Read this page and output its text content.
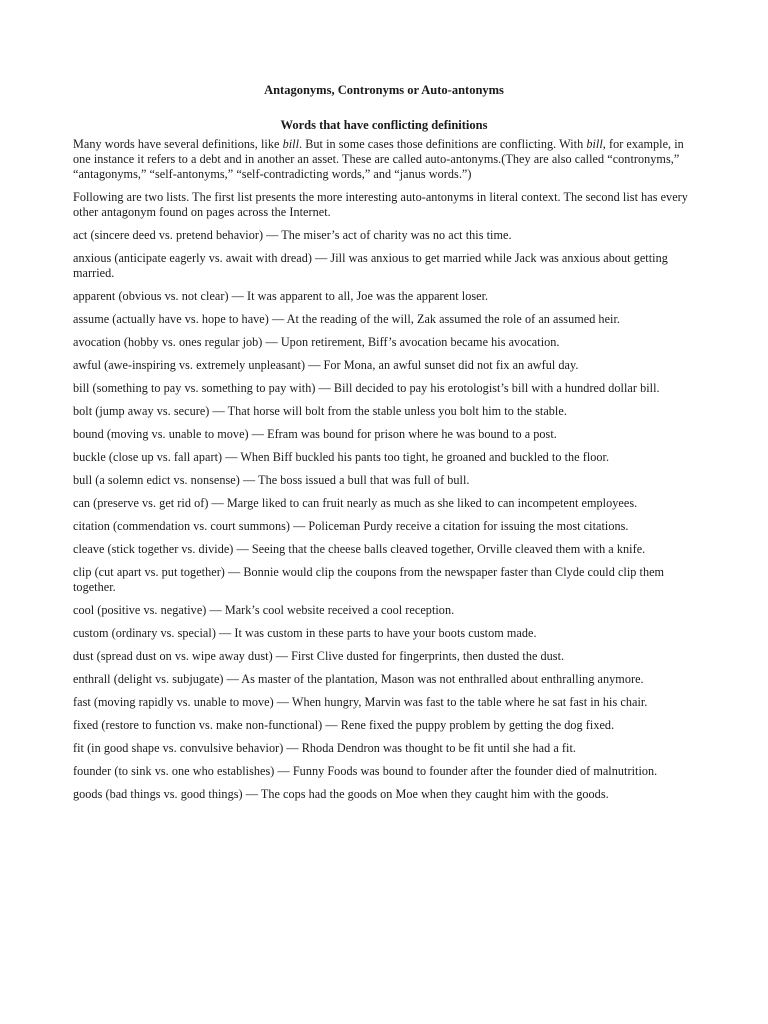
Antagonyms, Contronyms or Auto-antonyms
Words that have conflicting definitions

Many words have several definitions, like bill. But in some cases those definitions are conflicting. With bill, for example, in one instance it refers to a debt and in another an asset. These are called auto-antonyms.(They are also called “contronyms,” “antagonyms,” “self-antonyms,” “self-contradicting words,” and “janus words.”)

Following are two lists. The first list presents the more interesting auto-antonyms in literal context. The second list has every other antagonym found on pages across the Internet.

act (sincere deed vs. pretend behavior) — The miser’s act of charity was no act this time.

anxious (anticipate eagerly vs. await with dread) — Jill was anxious to get married while Jack was anxious about getting married.

apparent (obvious vs. not clear) — It was apparent to all, Joe was the apparent loser.

assume (actually have vs. hope to have) — At the reading of the will, Zak assumed the role of an assumed heir.

avocation (hobby vs. ones regular job) — Upon retirement, Biff’s avocation became his avocation.

awful (awe-inspiring vs. extremely unpleasant) — For Mona, an awful sunset did not fix an awful day.

bill (something to pay vs. something to pay with) — Bill decided to pay his erotologist’s bill with a hundred dollar bill.

bolt (jump away vs. secure) — That horse will bolt from the stable unless you bolt him to the stable.

bound (moving vs. unable to move) — Efram was bound for prison where he was bound to a post.

buckle (close up vs. fall apart) — When Biff buckled his pants too tight, he groaned and buckled to the floor.

bull (a solemn edict vs. nonsense) — The boss issued a bull that was full of bull.

can (preserve vs. get rid of) — Marge liked to can fruit nearly as much as she liked to can incompetent employees.

citation (commendation vs. court summons) — Policeman Purdy receive a citation for issuing the most citations.

cleave (stick together vs. divide) — Seeing that the cheese balls cleaved together, Orville cleaved them with a knife.

clip (cut apart vs. put together) — Bonnie would clip the coupons from the newspaper faster than Clyde could clip them together.

cool (positive vs. negative) — Mark’s cool website received a cool reception.

custom (ordinary vs. special) — It was custom in these parts to have your boots custom made.

dust (spread dust on vs. wipe away dust) — First Clive dusted for fingerprints, then dusted the dust.

enthrall (delight vs. subjugate) — As master of the plantation, Mason was not enthralled about enthralling anymore.

fast (moving rapidly vs. unable to move) — When hungry, Marvin was fast to the table where he sat fast in his chair.

fixed (restore to function vs. make non-functional) — Rene fixed the puppy problem by getting the dog fixed.

fit (in good shape vs. convulsive behavior) — Rhoda Dendron was thought to be fit until she had a fit.

founder (to sink vs. one who establishes) — Funny Foods was bound to founder after the founder died of malnutrition.

goods (bad things vs. good things) — The cops had the goods on Moe when they caught him with the goods.
